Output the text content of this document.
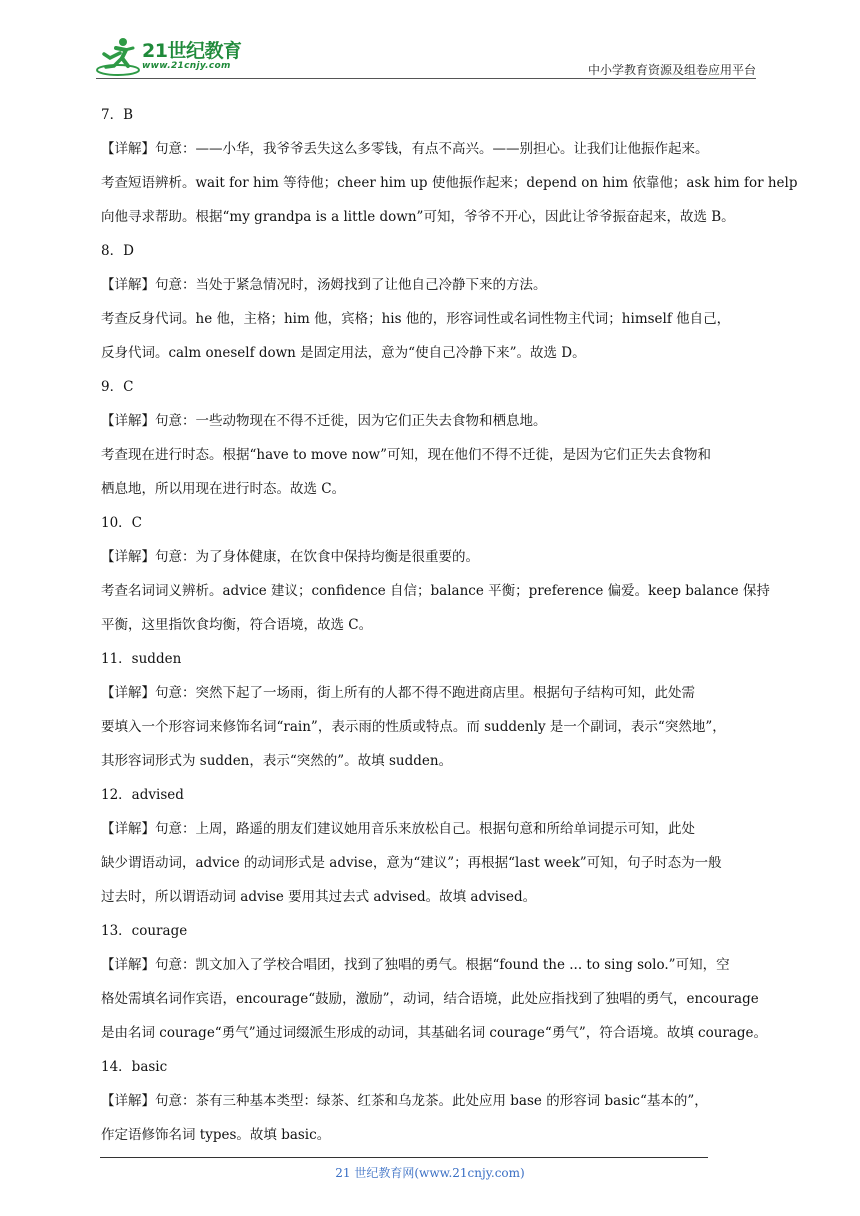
21世纪教育
www.21cnjy.com	中小学教育资源及组卷应用平台
7．B
【详解】句意：——小华，我爷爷丢失这么多零钱，有点不高兴。——别担心。让我们让他振作起来。
考查短语辨析。wait for him 等待他；cheer him up 使他振作起来；depend on him 依靠他；ask him for help
向他寻求帮助。根据“my grandpa is a little down”可知，爷爷不开心，因此让爷爷振奋起来，故选 B。
8．D
【详解】句意：当处于紧急情况时，汤姆找到了让他自己冷静下来的方法。
考查反身代词。he 他，主格；him 他，宾格；his 他的，形容词性或名词性物主代词；himself 他自己，
反身代词。calm oneself down 是固定用法，意为“使自己冷静下来”。故选 D。
9．C
【详解】句意：一些动物现在不得不迁徙，因为它们正失去食物和栖息地。
考查现在进行时态。根据“have to move now”可知，现在他们不得不迁徙，是因为它们正失去食物和
栖息地，所以用现在进行时态。故选 C。
10．C
【详解】句意：为了身体健康，在饮食中保持均衡是很重要的。
考查名词词义辨析。advice 建议；confidence 自信；balance 平衡；preference 偏爱。keep balance 保持
平衡，这里指饮食均衡，符合语境，故选 C。
11．sudden
【详解】句意：突然下起了一场雨，街上所有的人都不得不跑进商店里。根据句子结构可知，此处需
要填入一个形容词来修饰名词“rain”，表示雨的性质或特点。而 suddenly 是一个副词，表示“突然地”，
其形容词形式为 sudden，表示“突然的”。故填 sudden。
12．advised
【详解】句意：上周，路遥的朋友们建议她用音乐来放松自己。根据句意和所给单词提示可知，此处
缺少谓语动词，advice 的动词形式是 advise，意为“建议”；再根据“last week”可知，句子时态为一般
过去时，所以谓语动词 advise 要用其过去式 advised。故填 advised。
13．courage
【详解】句意：凯文加入了学校合唱团，找到了独唱的勇气。根据“found the ... to sing solo.”可知，空
格处需填名词作宾语，encourage“鼓励，激励”，动词，结合语境，此处应指找到了独唱的勇气，encourage
是由名词 courage“勇气”通过词缀派生形成的动词，其基础名词 courage“勇气”，符合语境。故填 courage。
14．basic
【详解】句意：茶有三种基本类型：绿茶、红茶和乌龙茶。此处应用 base 的形容词 basic“基本的”，
作定语修饰名词 types。故填 basic。
21 世纪教育网(www.21cnjy.com)
